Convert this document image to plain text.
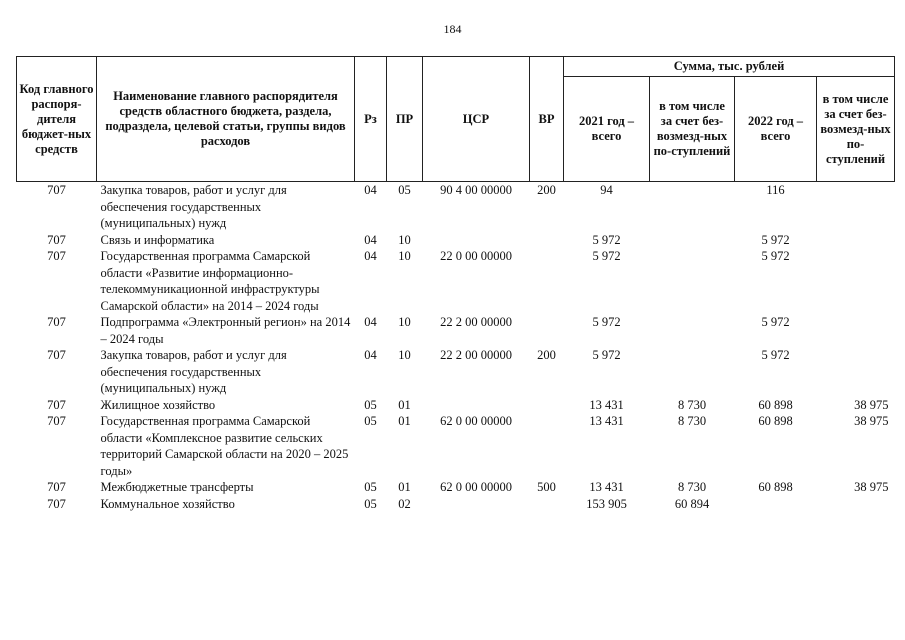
184
Код главного распоря-дителя бюджет-ных средств	Наименование главного распорядителя средств областного бюджета, раздела, подраздела, целевой статьи, группы видов расходов	Рз	ПР	ЦСР	ВР	Сумма, тыс. рублей			
						2021 год – всего	в том числе за счет без-возмезд-ных по-ступлений	2022 год – всего	в том числе за счет без-возмезд-ных по-ступлений
707	Закупка товаров, работ и услуг для обеспечения государственных (муниципальных) нужд	04	05	90 4 00 00000	200	94		116	
707	Связь и информатика	04	10			5 972		5 972	
707	Государственная программа Самарской области «Развитие информационно-телекоммуникационной инфраструктуры Самарской области» на 2014 – 2024 годы	04	10	22 0 00 00000		5 972		5 972	
707	Подпрограмма «Электронный регион» на 2014 – 2024 годы	04	10	22 2 00 00000		5 972		5 972	
707	Закупка товаров, работ и услуг для обеспечения государственных (муниципальных) нужд	04	10	22 2 00 00000	200	5 972		5 972	
707	Жилищное хозяйство	05	01			13 431	8 730	60 898	38 975
707	Государственная программа Самарской области «Комплексное развитие сельских территорий Самарской области на 2020 – 2025 годы»	05	01	62 0 00 00000		13 431	8 730	60 898	38 975
707	Межбюджетные трансферты	05	01	62 0 00 00000	500	13 431	8 730	60 898	38 975
707	Коммунальное хозяйство	05	02			153 905	60 894		
